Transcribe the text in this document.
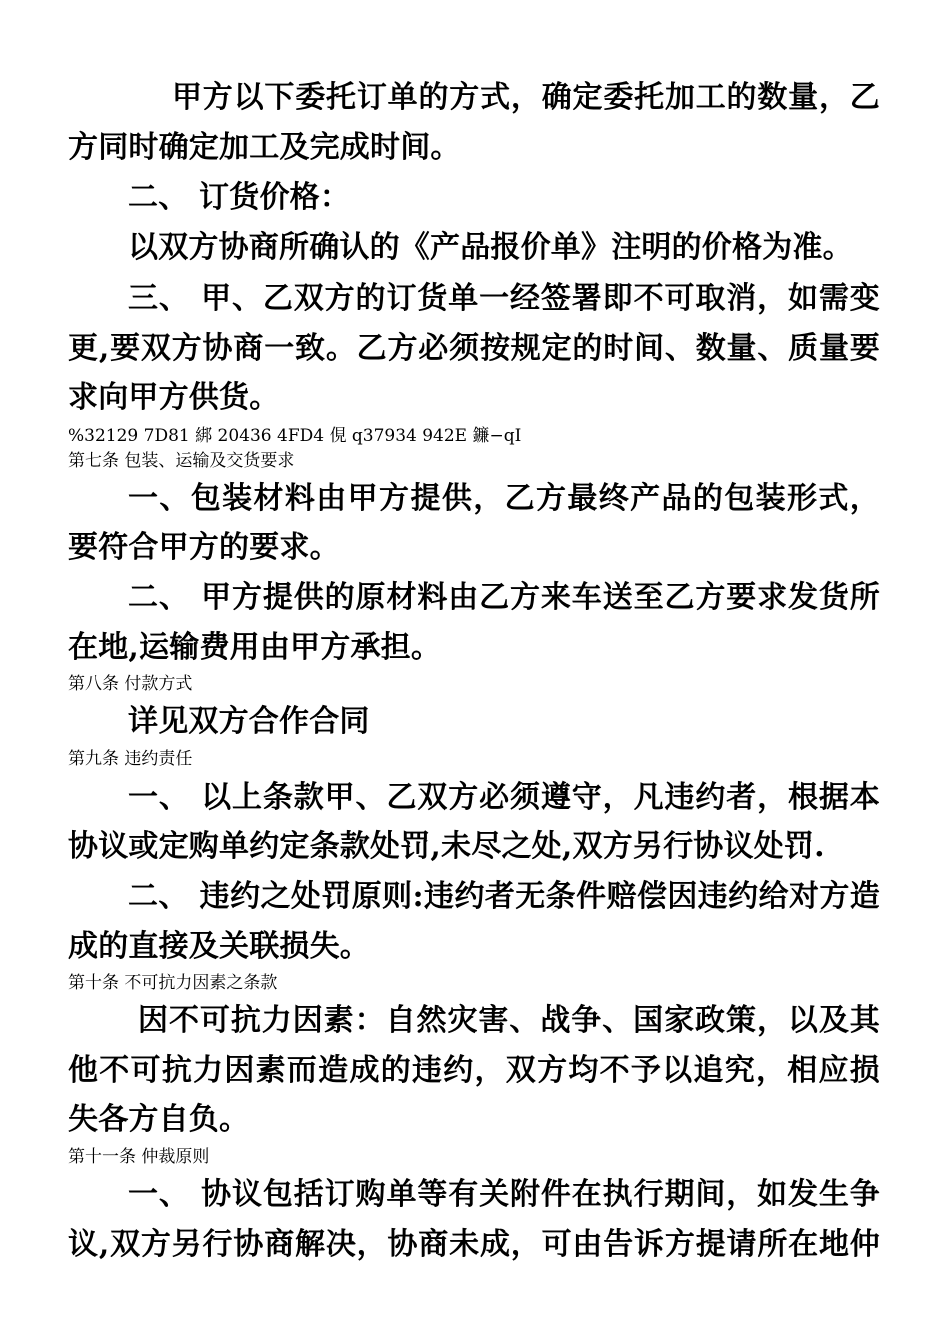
甲方以下委托订单的方式，确定委托加工的数量，乙
方同时确定加工及完成时间。
二、 订货价格：
以双方协商所确认的《产品报价单》注明的价格为准。
三、 甲、乙双方的订货单一经签署即不可取消，如需变
更,要双方协商一致。乙方必须按规定的时间、数量、质量要
求向甲方供货。
%32129 7D81 綁 20436 4FD4 俔 q37934 942E 鐮−qI
第七条 包装、运输及交货要求
一、包装材料由甲方提供，乙方最终产品的包装形式，
要符合甲方的要求。
二、 甲方提供的原材料由乙方来车送至乙方要求发货所
在地,运输费用由甲方承担。
第八条 付款方式
详见双方合作合同
第九条 违约责任
一、 以上条款甲、乙双方必须遵守，凡违约者，根据本
协议或定购单约定条款处罚,未尽之处,双方另行协议处罚.
二、 违约之处罚原则:违约者无条件赔偿因违约给对方造
成的直接及关联损失。
第十条 不可抗力因素之条款
因不可抗力因素：自然灾害、战争、国家政策，以及其
他不可抗力因素而造成的违约，双方均不予以追究，相应损
失各方自负。
第十一条 仲裁原则
一、 协议包括订购单等有关附件在执行期间，如发生争
议,双方另行协商解决，协商未成，可由告诉方提请所在地仲
